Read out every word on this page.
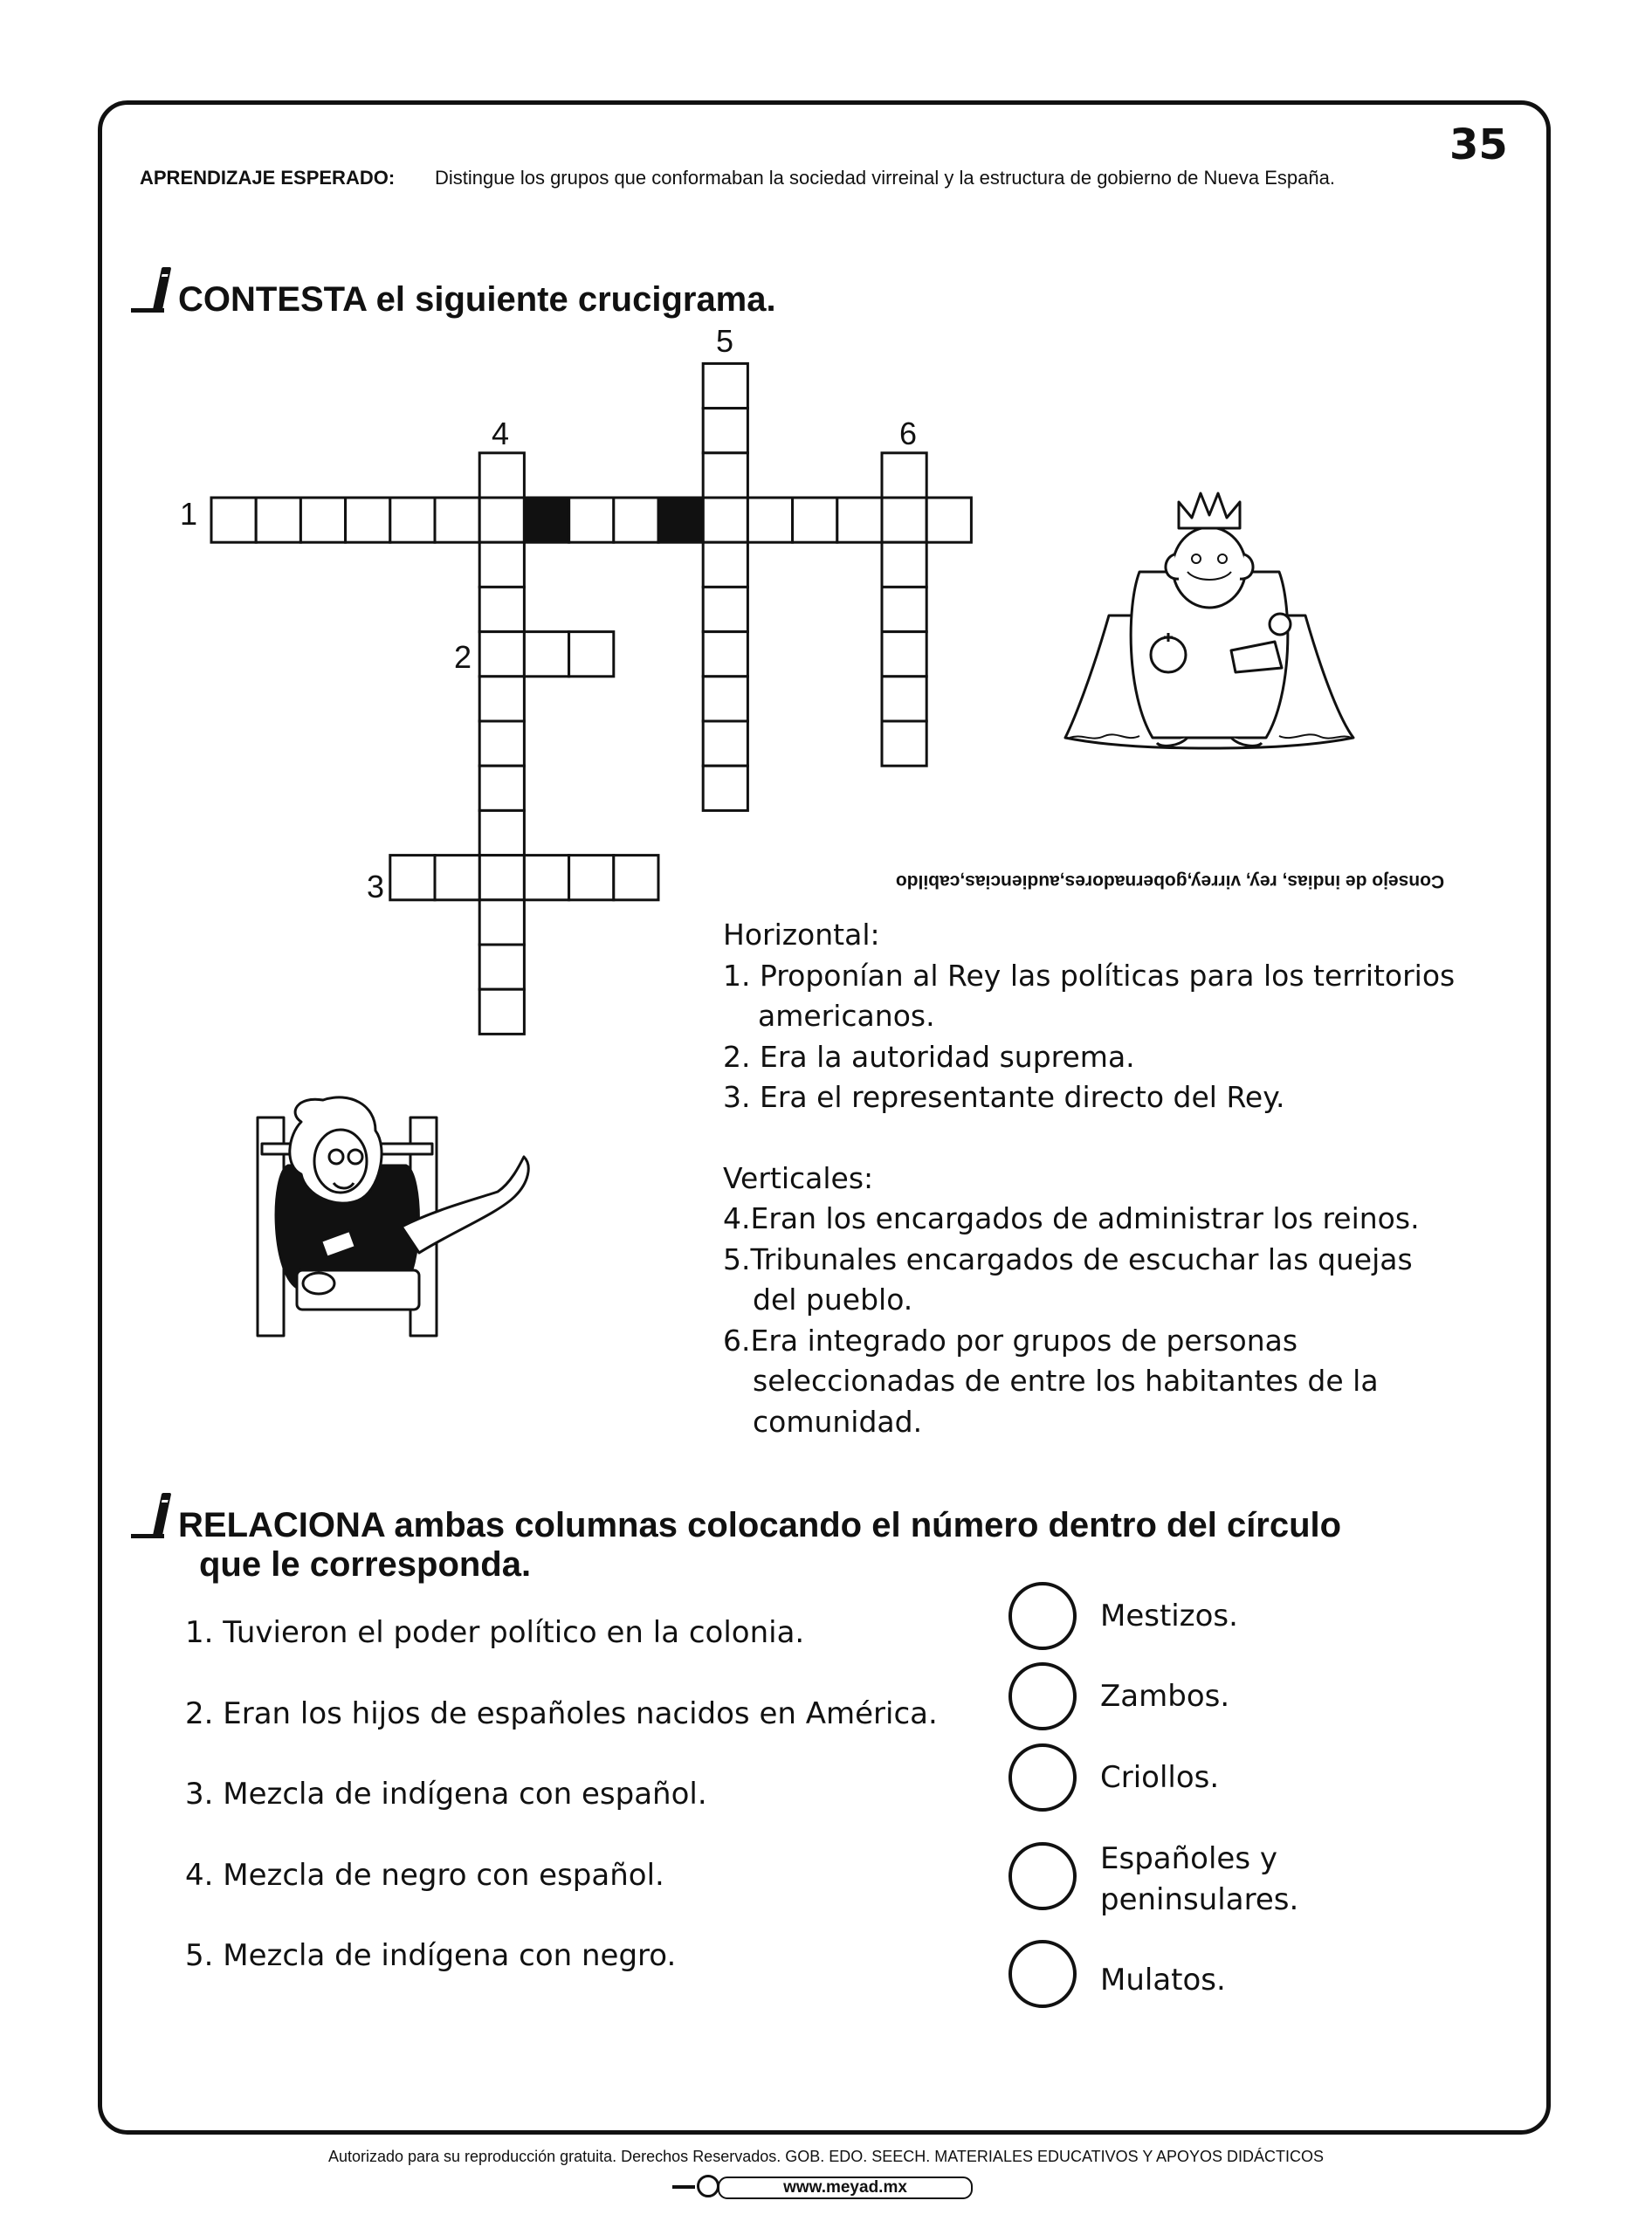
35
APRENDIZAJE ESPERADO: Distingue los grupos que conformaban la sociedad virreinal y la estructura de gobierno de Nueva España.
CONTESTA el siguiente crucigrama.
1
2
3
4
5
6
Consejo de indias, rey, virrey,gobernadores,audiencias,cabildo

Horizontal:

1. Proponían al Rey las políticas para los territorios

americanos.

2. Era la autoridad suprema.

3. Era el representante directo del Rey.

Verticales:

4.Eran los encargados de administrar los reinos.

5.Tribunales encargados de escuchar las quejas

del pueblo.

6.Era integrado por grupos de personas

seleccionadas de entre los habitantes de la

comunidad.

RELACIONA ambas columnas colocando el número dentro del círculo
que le corresponda.
1. Tuvieron el poder político en la colonia.
2. Eran los hijos de españoles nacidos en América.
3. Mezcla de indígena con español.
4. Mezcla de negro con español.
5. Mezcla de indígena con negro.
Mestizos.
Zambos.
Criollos.
Españoles y
peninsulares.
Mulatos.
Autorizado para su reproducción gratuita. Derechos Reservados. GOB. EDO. SEECH. MATERIALES EDUCATIVOS Y APOYOS DIDÁCTICOS
www.meyad.mx
